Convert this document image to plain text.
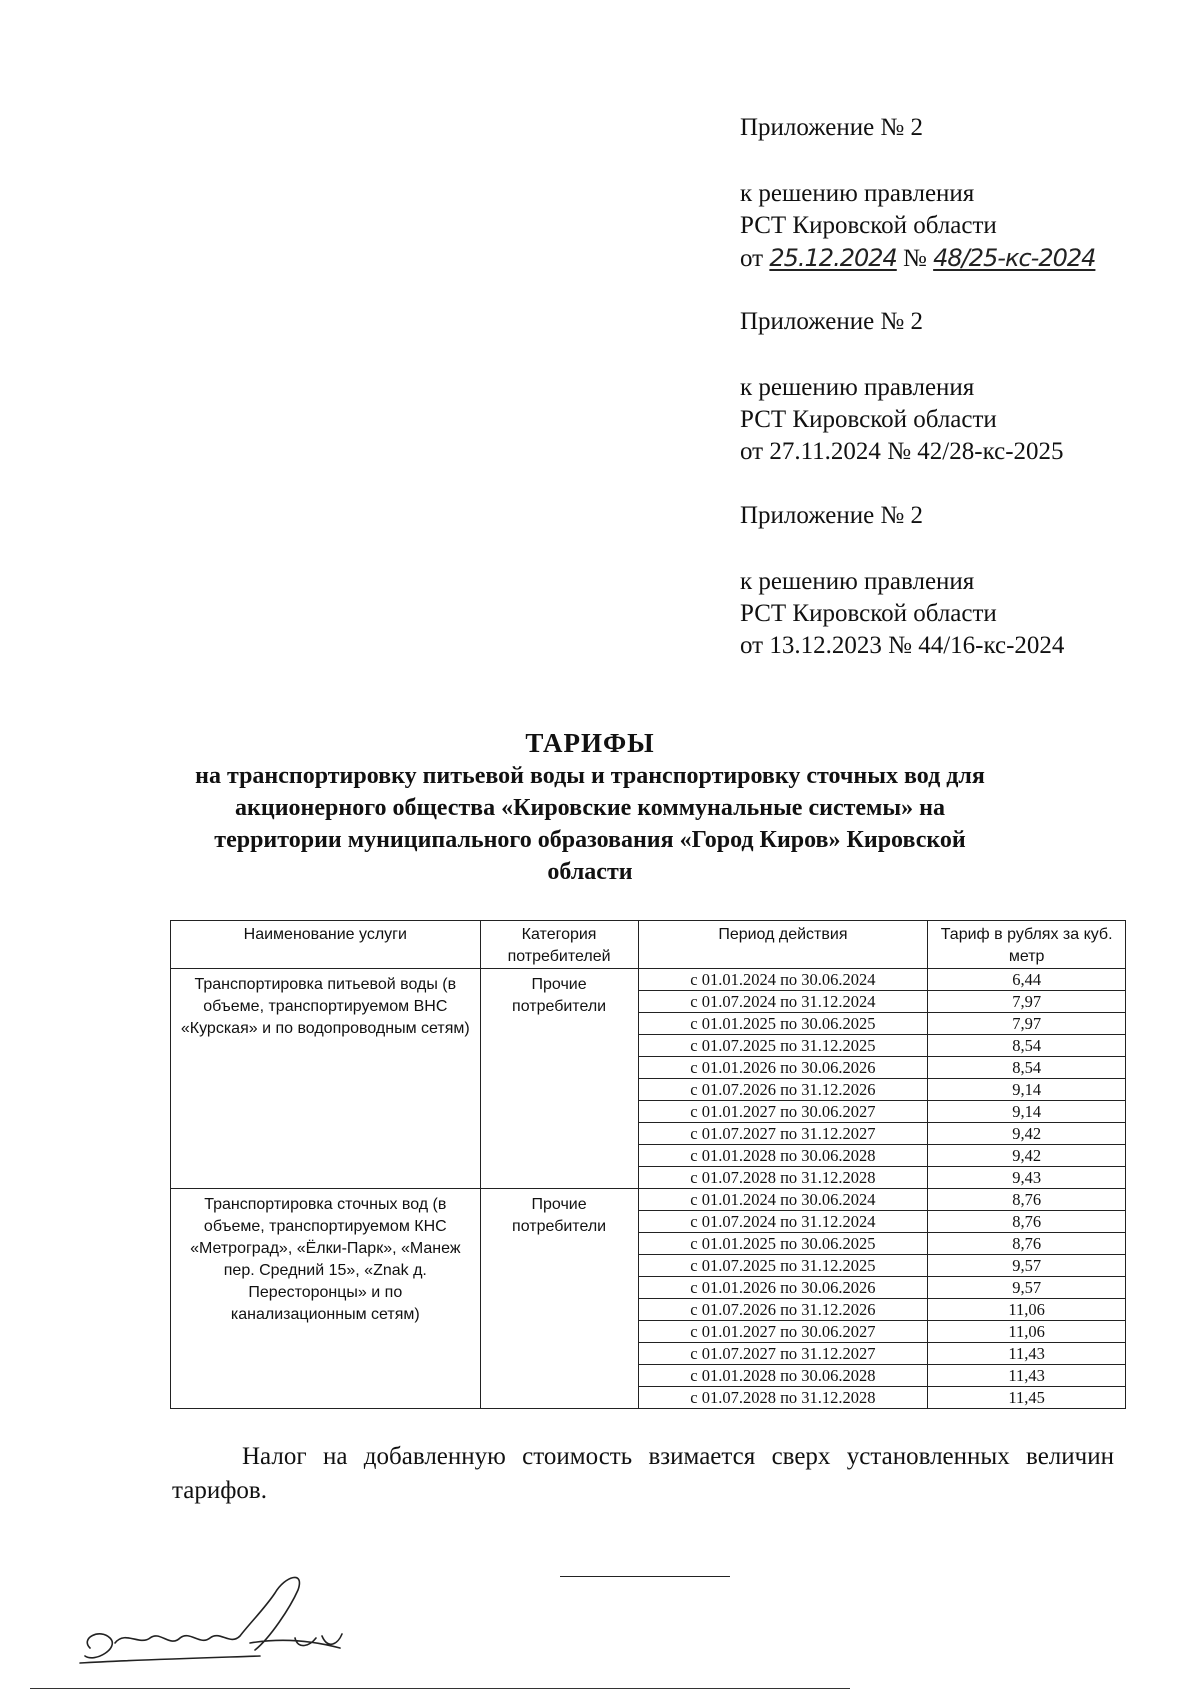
Приложение № 2
к решению правления
РСТ Кировской области
от 25.12.2024 № 48/25-кс-2024
Приложение № 2
к решению правления
РСТ Кировской области
от 27.11.2024 № 42/28-кс-2025
Приложение № 2
к решению правления
РСТ Кировской области
от 13.12.2023 № 44/16-кс-2024
ТАРИФЫ
на транспортировку питьевой воды и транспортировку сточных вод для
акционерного общества «Кировские коммунальные системы» на
территории муниципального образования «Город Киров» Кировской
области
Наименование услуги	Категория потребителей	Период действия	Тариф в рублях за куб. метр
Транспортировка питьевой воды (в объеме, транспортируемом ВНС «Курская» и по водопроводным сетям)	Прочие потребители	с 01.01.2024 по 30.06.2024	6,44
		с 01.07.2024 по 31.12.2024	7,97
		с 01.01.2025 по 30.06.2025	7,97
		с 01.07.2025 по 31.12.2025	8,54
		с 01.01.2026 по 30.06.2026	8,54
		с 01.07.2026 по 31.12.2026	9,14
		с 01.01.2027 по 30.06.2027	9,14
		с 01.07.2027 по 31.12.2027	9,42
		с 01.01.2028 по 30.06.2028	9,42
		с 01.07.2028 по 31.12.2028	9,43
Транспортировка сточных вод (в объеме, транспортируемом КНС «Метроград», «Ёлки-Парк», «Манеж пер. Средний 15», «Znak д. Пересторонцы» и по канализационным сетям)	Прочие потребители	с 01.01.2024 по 30.06.2024	8,76
		с 01.07.2024 по 31.12.2024	8,76
		с 01.01.2025 по 30.06.2025	8,76
		с 01.07.2025 по 31.12.2025	9,57
		с 01.01.2026 по 30.06.2026	9,57
		с 01.07.2026 по 31.12.2026	11,06
		с 01.01.2027 по 30.06.2027	11,06
		с 01.07.2027 по 31.12.2027	11,43
		с 01.01.2028 по 30.06.2028	11,43
		с 01.07.2028 по 31.12.2028	11,45
Налог на добавленную стоимость взимается сверх установленных величин тарифов.
